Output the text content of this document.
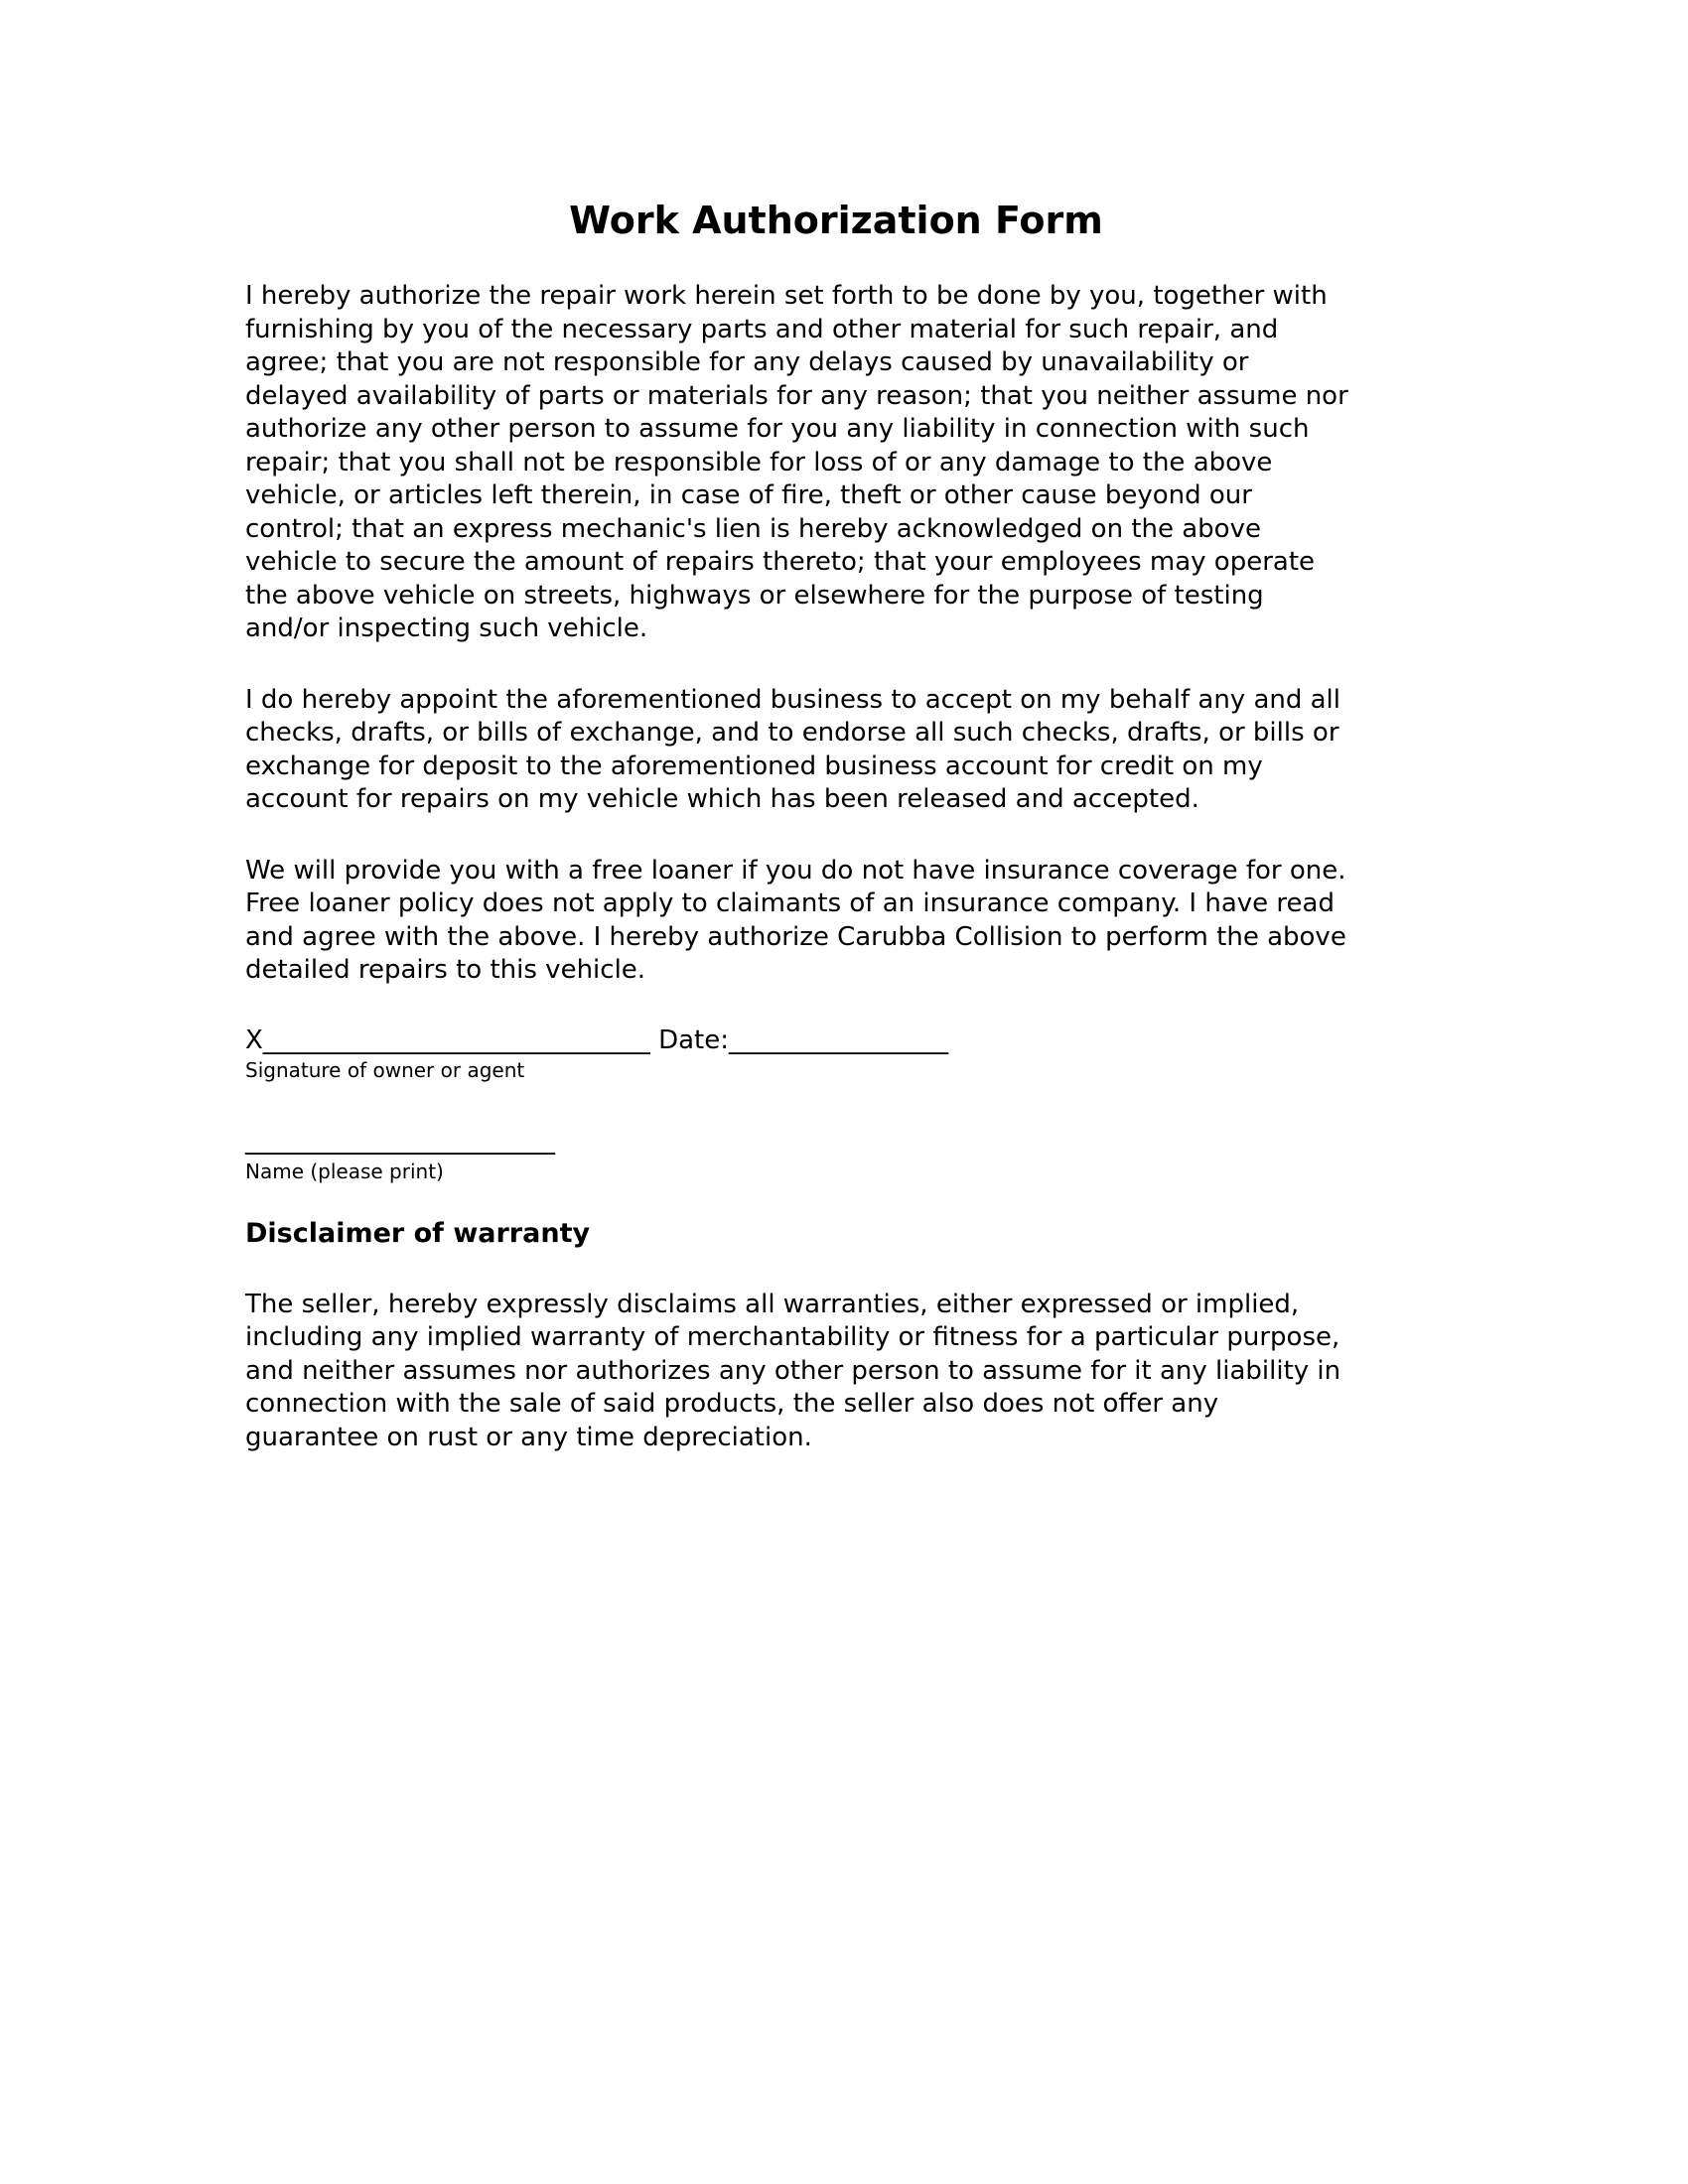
Work Authorization Form
I hereby authorize the repair work herein set forth to be done by you, together with
furnishing by you of the necessary parts and other material for such repair, and
agree; that you are not responsible for any delays caused by unavailability or
delayed availability of parts or materials for any reason; that you neither assume nor
authorize any other person to assume for you any liability in connection with such
repair; that you shall not be responsible for loss of or any damage to the above
vehicle, or articles left therein, in case of fire, theft or other cause beyond our
control; that an express mechanic's lien is hereby acknowledged on the above
vehicle to secure the amount of repairs thereto; that your employees may operate
the above vehicle on streets, highways or elsewhere for the purpose of testing
and/or inspecting such vehicle.
I do hereby appoint the aforementioned business to accept on my behalf any and all
checks, drafts, or bills of exchange, and to endorse all such checks, drafts, or bills or
exchange for deposit to the aforementioned business account for credit on my
account for repairs on my vehicle which has been released and accepted.
We will provide you with a free loaner if you do not have insurance coverage for one.
Free loaner policy does not apply to claimants of an insurance company. I have read
and agree with the above. I hereby authorize Carubba Collision to perform the above
detailed repairs to this vehicle.
X______________________________ Date:_________________
Signature of owner or agent
________________________
Name (please print)
Disclaimer of warranty
The seller, hereby expressly disclaims all warranties, either expressed or implied,
including any implied warranty of merchantability or fitness for a particular purpose,
and neither assumes nor authorizes any other person to assume for it any liability in
connection with the sale of said products, the seller also does not offer any
guarantee on rust or any time depreciation.
